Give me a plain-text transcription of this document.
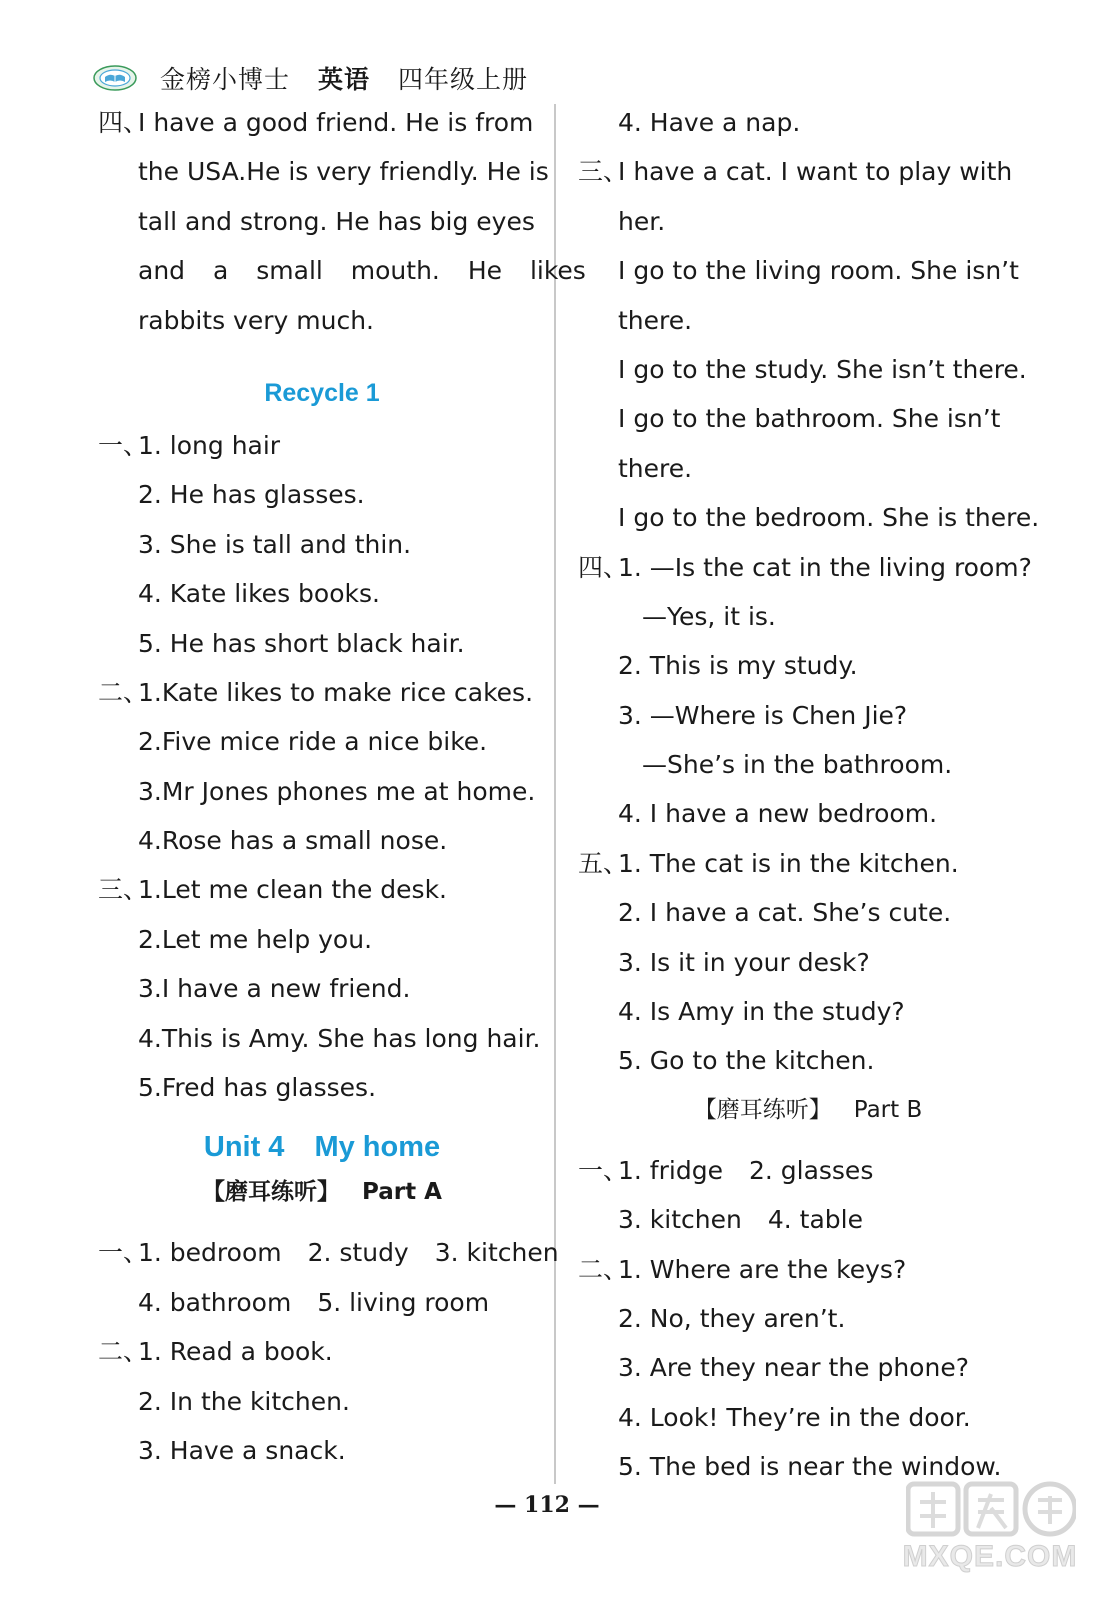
金榜小博士 英语 四年级上册
四、
I have a good friend. He is from
the USA.He is very friendly. He is
tall and strong. He has big eyes
and a small mouth. He likes
rabbits very much.
Recycle 1
一、1. long hair
2. He has glasses.
3. She is tall and thin.
4. Kate likes books.
5. He has short black hair.
二、1.Kate likes to make rice cakes.
2.Five mice ride a nice bike.
3.Mr Jones phones me at home.
4.Rose has a small nose.
三、1.Let me clean the desk.
2.Let me help you.
3.I have a new friend.
4.This is Amy. She has long hair.
5.Fred has glasses.
Unit 4 My home
【磨耳练听】 Part A
一、1. bedroom 2. study 3. kitchen
4. bathroom 5. living room
二、1. Read a book.
2. In the kitchen.
3. Have a snack.
4. Have a nap.
三、I have a cat. I want to play with
her.
I go to the living room. She isn’t
there.
I go to the study. She isn’t there.
I go to the bathroom. She isn’t
there.
I go to the bedroom. She is there.
四、1. —Is the cat in the living room?
—Yes, it is.
2. This is my study.
3. —Where is Chen Jie?
—She’s in the bathroom.
4. I have a new bedroom.
五、1. The cat is in the kitchen.
2. I have a cat. She’s cute.
3. Is it in your desk?
4. Is Amy in the study?
5. Go to the kitchen.
【磨耳练听】 Part B
一、1. fridge 2. glasses
3. kitchen 4. table
二、1. Where are the keys?
2. No, they aren’t.
3. Are they near the phone?
4. Look! They’re in the door.
5. The bed is near the window.
— 112 —
MXQE.COM
